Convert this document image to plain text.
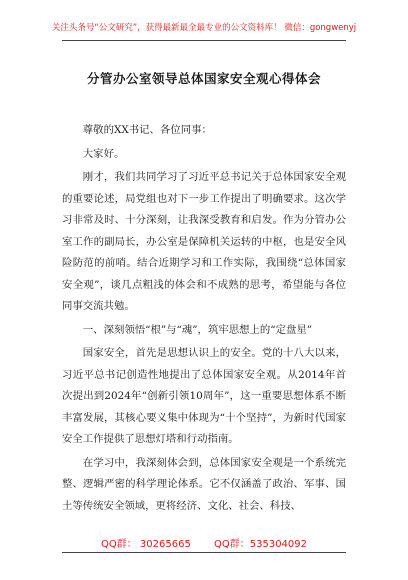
关注头条号“公文研究”，获得最新最全最专业的公文资料库！ 微信：gongwenyj
分管办公室领导总体国家安全观心得体会

尊敬的XX书记、各位同事：

大家好。

刚才，我们共同学习了习近平总书记关于总体国家安全观的重要论述，局党组也对下一步工作提出了明确要求。这次学习非常及时、十分深刻，让我深受教育和启发。作为分管办公室工作的副局长，办公室是保障机关运转的中枢，也是安全风险防范的前哨。结合近期学习和工作实际，我围绕“总体国家安全观”，谈几点粗浅的体会和不成熟的思考，希望能与各位同事交流共勉。

一、深刻领悟“根”与“魂”，筑牢思想上的“定盘星”

国家安全，首先是思想认识上的安全。党的十八大以来，习近平总书记创造性地提出了总体国家安全观。从2014年首次提出到2024年“创新引领10周年”，这一重要思想体系不断丰富发展，其核心要义集中体现为“十个坚持”，为新时代国家安全工作提供了思想灯塔和行动指南。

在学习中，我深刻体会到，总体国家安全观是一个系统完整、逻辑严密的科学理论体系。它不仅涵盖了政治、军事、国土等传统安全领域，更将经济、文化、社会、科技、

QQ群： 30265665 QQ群：535304092
